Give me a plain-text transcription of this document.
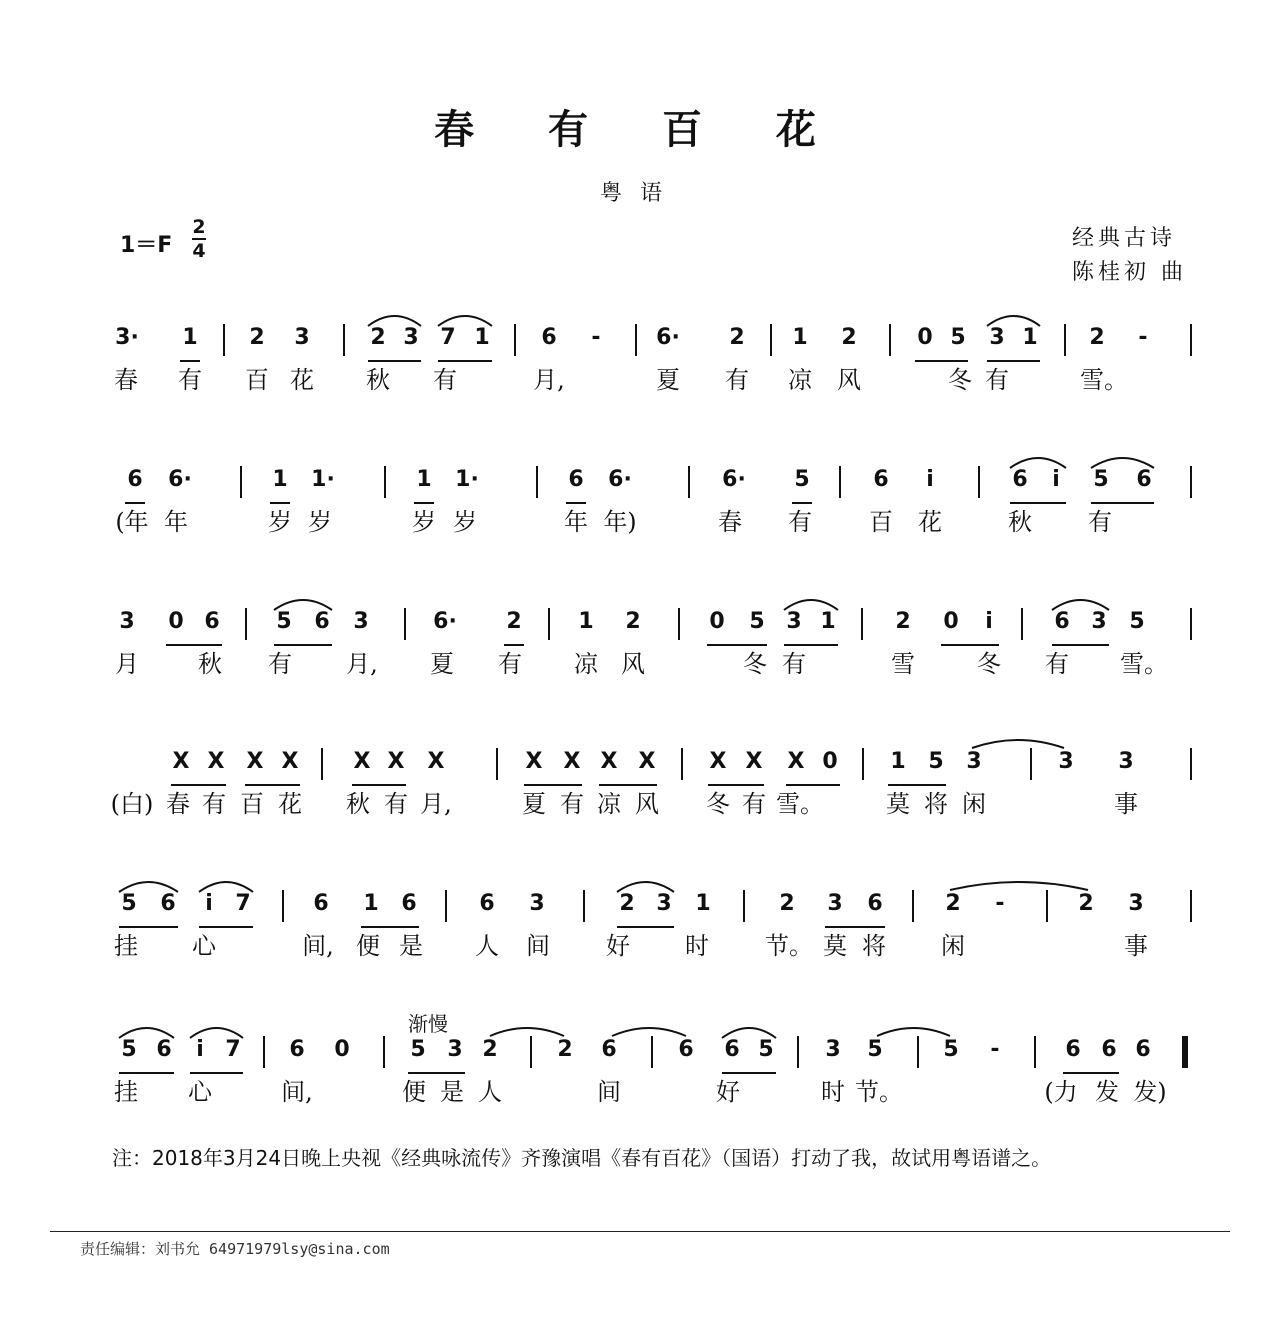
春 有 百 花
粤语
1＝F
2
4	经典古诗
陈桂初 曲
渐慢
3·	1	2	3	2 3 7 1	6	-	6·	2	1	2	0 5	3 1	2	-
春	有	百 花	秋	有	月,	夏	有	凉	风	冬 有	雪。
6	6·	1	1·	1	1·	6	6·	6·	5	6	i	6	i	5	6
(年 年	岁 岁	岁 岁	年 年)	春	有	百	花	秋	有
3	0 6	5	6	3	6·	2	1	2	0	5 3 1	2	0	i	6 3	5
月	秋	有	月,	夏	有	凉 风	冬 有	雪	冬	有	雪。
X X X X	X X X	X X X X X X X 0	1	5	3	3	3
(白) 春 有 百 花	秋 有 月,	夏 有 凉 风	冬 有 雪。	莫 将 闲	事
5	6	i	7	6	1	6	6	3	2 3	1	2	3	6	2	-	2	3
挂	心	间, 便 是	人	间	好	时	节。 莫 将	闲	事
5 6	i 7	6	0	5 3 2	2	6	6	6 5	3	5	5	-	6 6 6
挂	心	间,	便 是 人	间	好	时 节。	(力 发 发)
注：2018年3月24日晚上央视《经典咏流传》齐豫演唱《春有百花》（国语）打动了我，故试用粤语谱之。
责任编辑：刘书允 64971979lsy@sina.com
